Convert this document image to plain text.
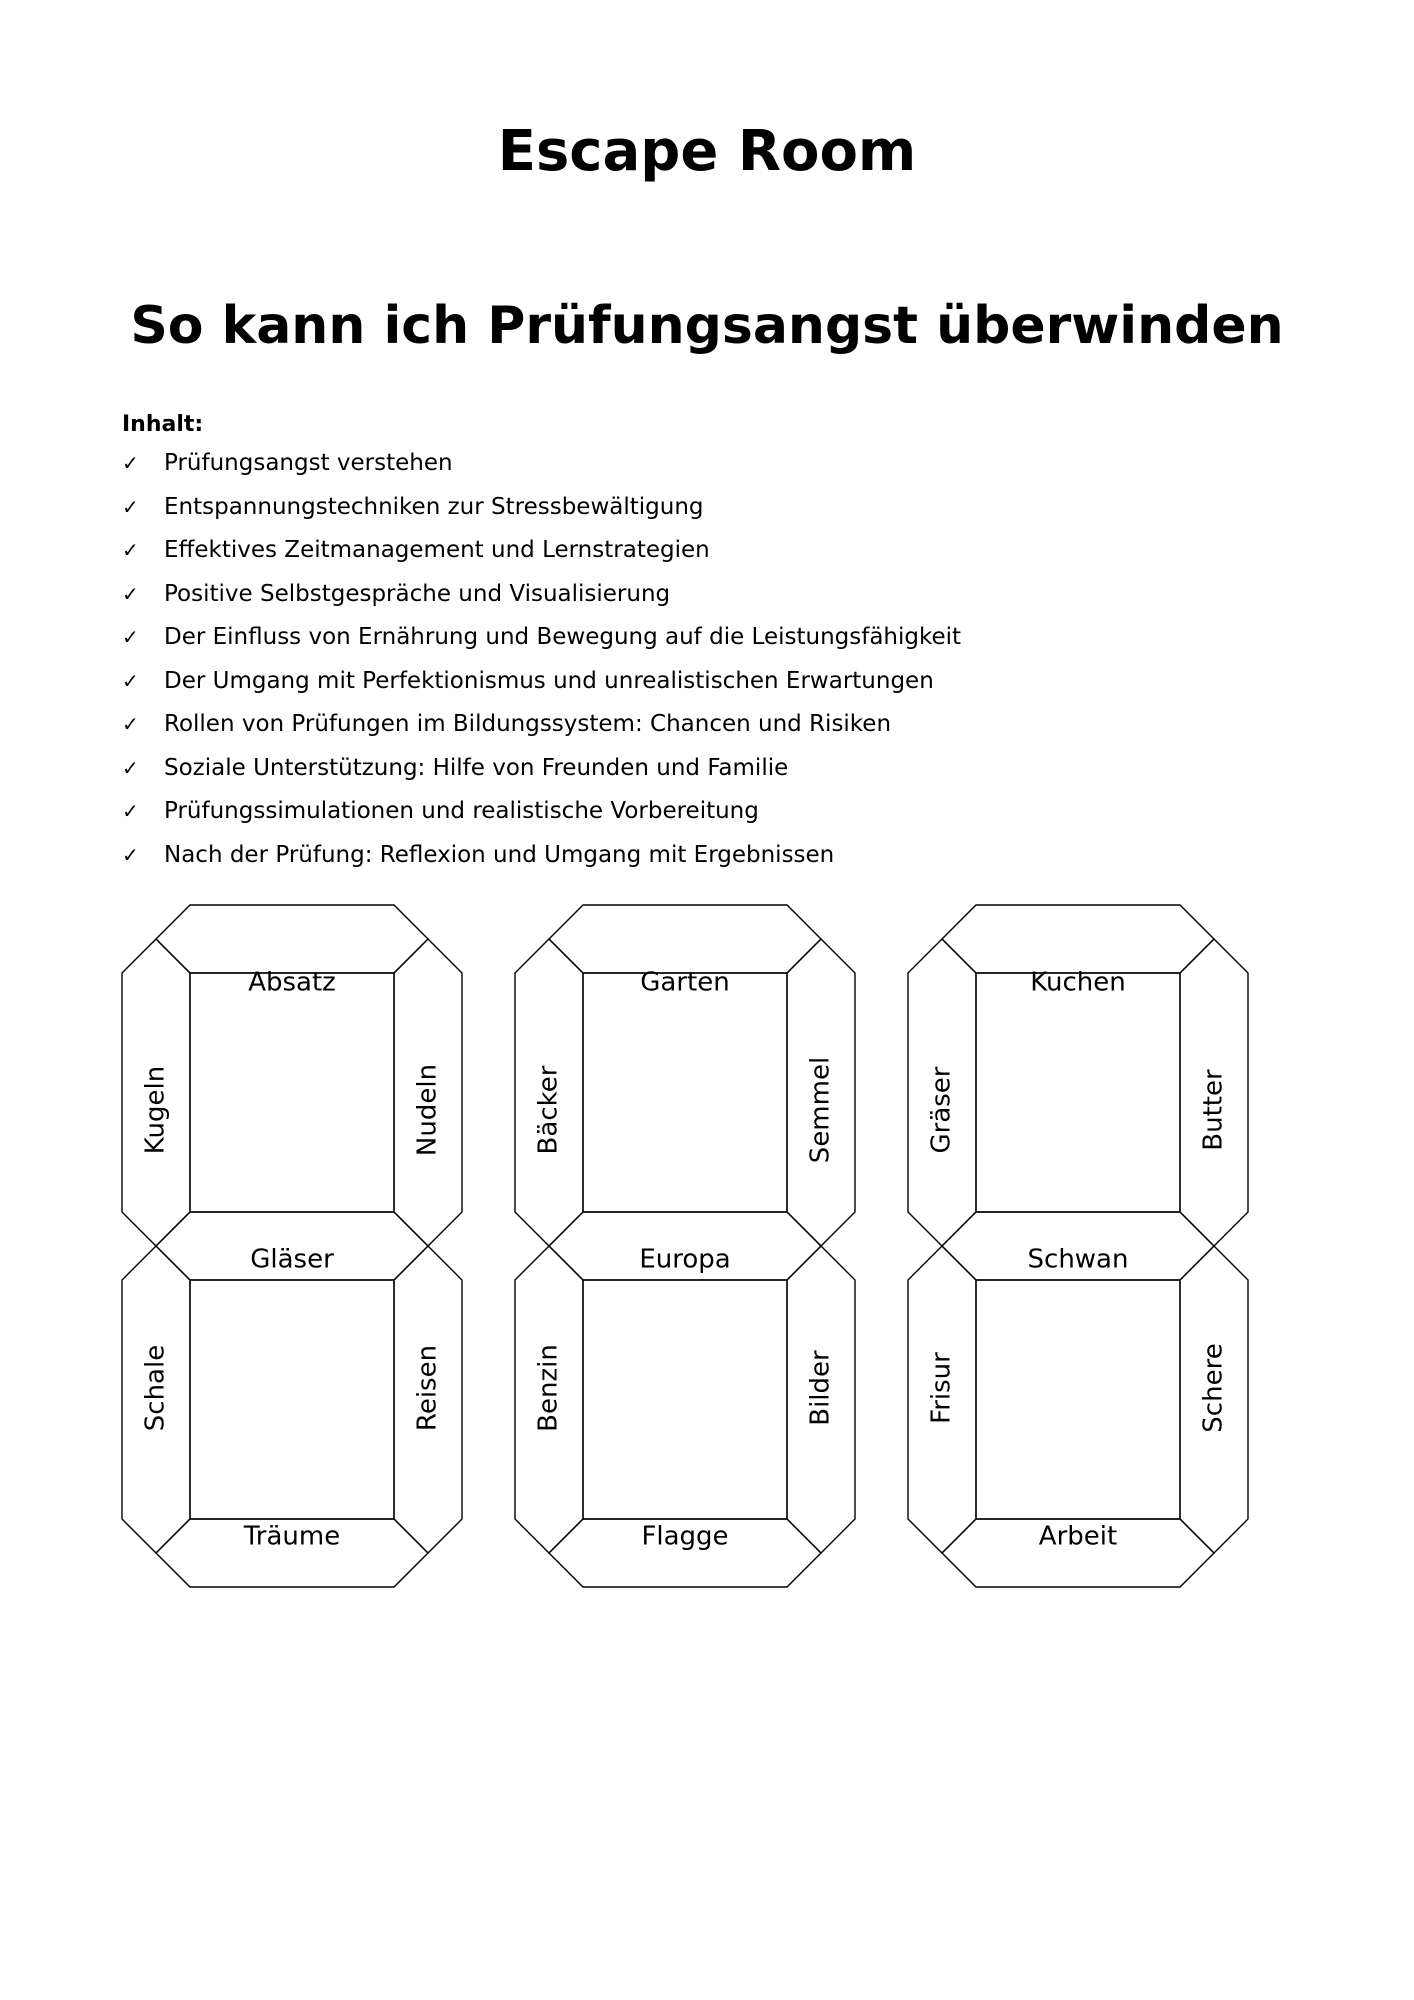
Escape Room
So kann ich Prüfungsangst überwinden
Inhalt:
✓	Prüfungsangst verstehen
✓	Entspannungstechniken zur Stressbewältigung
✓	Effektives Zeitmanagement und Lernstrategien
✓	Positive Selbstgespräche und Visualisierung
✓	Der Einfluss von Ernährung und Bewegung auf die Leistungsfähigkeit
✓	Der Umgang mit Perfektionismus und unrealistischen Erwartungen
✓	Rollen von Prüfungen im Bildungssystem: Chancen und Risiken
✓	Soziale Unterstützung: Hilfe von Freunden und Familie
✓	Prüfungssimulationen und realistische Vorbereitung
✓	Nach der Prüfung: Reflexion und Umgang mit Ergebnissen
Absatz
Kugeln	Nudeln
Gläser
Schale	Reisen
Träume
Garten
Bäcker	Semmel
Europa
Benzin	Bilder
Flagge
Kuchen
Gräser	Butter
Schwan
Frisur	Schere
Arbeit
